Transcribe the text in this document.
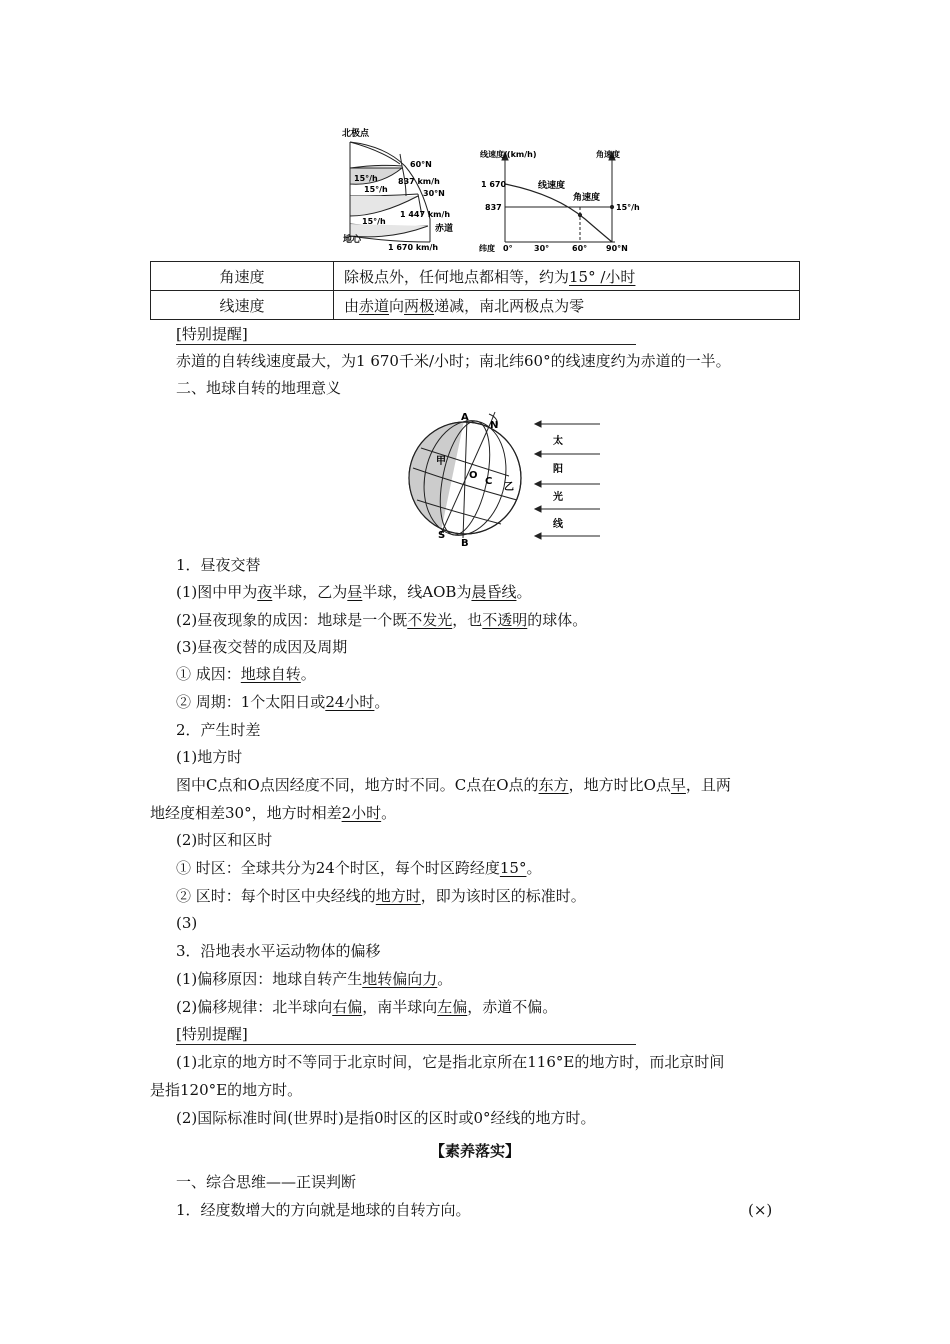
北极点
60°N
15°/h
15°/h
837 km/h
30°N
1 447 km/h
15°/h
赤道
地心
1 670 km/h
线速度/(km/h)	角速度
1 670
837
线速度
角速度
15°/h
纬度 0°	30°	60° 90°N
角速度	除极点外，任何地点都相等，约为15° /小时
线速度	由赤道向两极递减，南北两极点为零
[特别提醒]
赤道的自转线速度最大，为1 670千米/小时；南北纬60°的线速度约为赤道的一半。
二、地球自转的地理意义
A
N
甲
O
C
乙
S
B
太
阳
光
线
1．昼夜交替
(1)图中甲为夜半球，乙为昼半球，线AOB为晨昏线。
(2)昼夜现象的成因：地球是一个既不发光，也不透明的球体。
(3)昼夜交替的成因及周期
① 成因：地球自转。
② 周期：1个太阳日或24小时。
2．产生时差
(1)地方时
图中C点和O点因经度不同，地方时不同。C点在O点的东方，地方时比O点早，且两
地经度相差30°，地方时相差2小时。
(2)时区和区时
① 时区：全球共分为24个时区，每个时区跨经度15°。
② 区时：每个时区中央经线的地方时，即为该时区的标准时。
(3)
3．沿地表水平运动物体的偏移
(1)偏移原因：地球自转产生地转偏向力。
(2)偏移规律：北半球向右偏，南半球向左偏，赤道不偏。
[特别提醒]
(1)北京的地方时不等同于北京时间，它是指北京所在116°E的地方时，而北京时间
是指120°E的地方时。
(2)国际标准时间(世界时)是指0时区的区时或0°经线的地方时。
【素养落实】
一、综合思维——正误判断
1．经度数增大的方向就是地球的自转方向。	(×)
